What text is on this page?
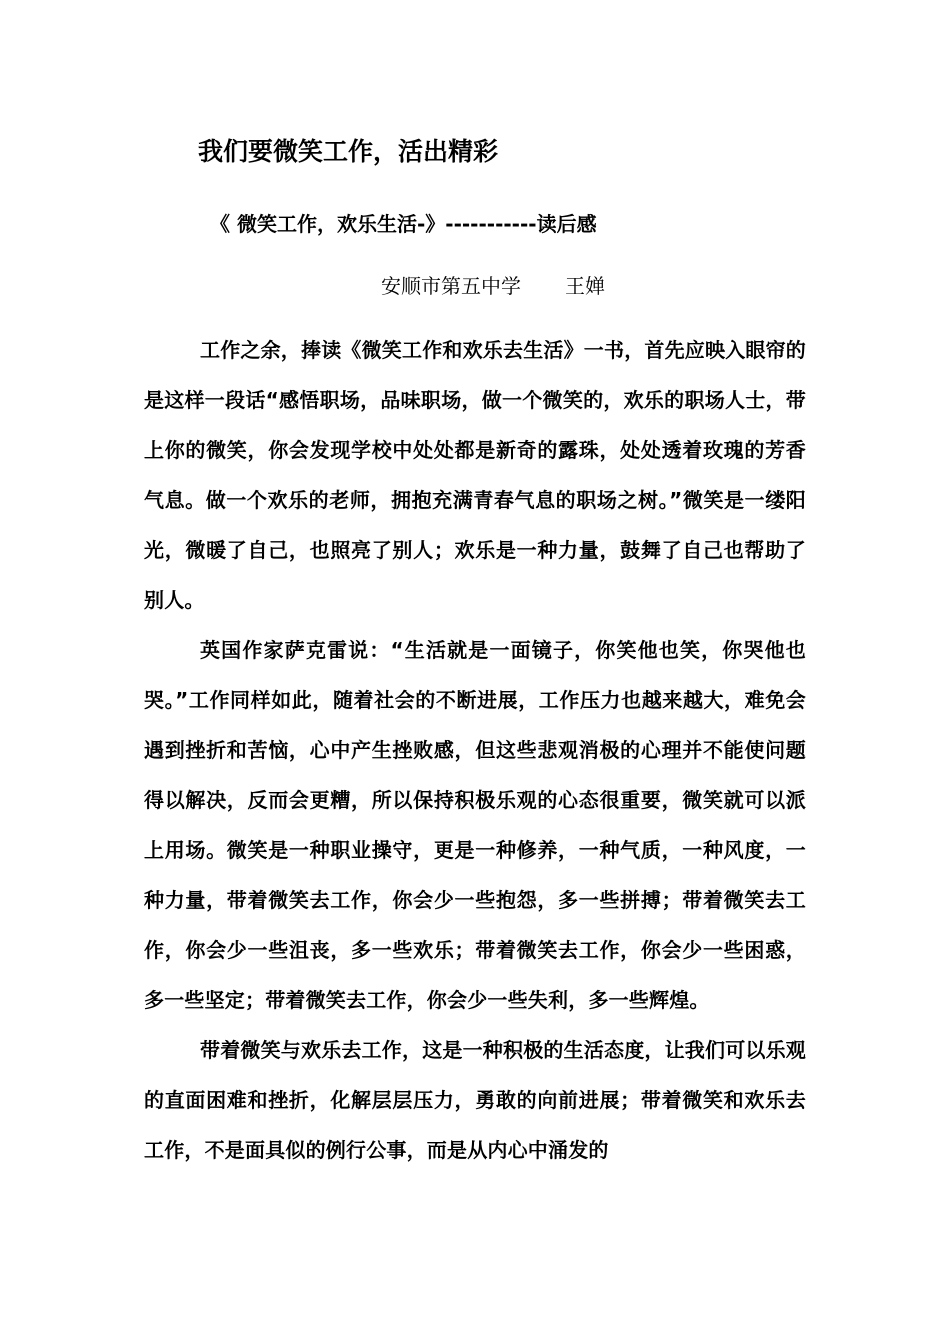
我们要微笑工作，活出精彩
《 微笑工作，欢乐生活-》-----------读后感
安顺市第五中学 王婵

工作之余，捧读《微笑工作和欢乐去生活》一书，首先应映入眼帘的是这样一段话“感悟职场，品味职场，做一个微笑的，欢乐的职场人士，带上你的微笑，你会发现学校中处处都是新奇的露珠，处处透着玫瑰的芳香气息。做一个欢乐的老师，拥抱充满青春气息的职场之树。”微笑是一缕阳光，微暖了自己，也照亮了别人；欢乐是一种力量，鼓舞了自己也帮助了别人。

英国作家萨克雷说：“生活就是一面镜子，你笑他也笑，你哭他也哭。”工作同样如此，随着社会的不断进展，工作压力也越来越大，难免会遇到挫折和苦恼，心中产生挫败感，但这些悲观消极的心理并不能使问题得以解决，反而会更糟，所以保持积极乐观的心态很重要，微笑就可以派上用场。微笑是一种职业操守，更是一种修养，一种气质，一种风度，一种力量，带着微笑去工作，你会少一些抱怨，多一些拼搏；带着微笑去工作，你会少一些沮丧，多一些欢乐；带着微笑去工作，你会少一些困惑，多一些坚定；带着微笑去工作，你会少一些失利，多一些辉煌。

带着微笑与欢乐去工作，这是一种积极的生活态度，让我们可以乐观的直面困难和挫折，化解层层压力，勇敢的向前进展；带着微笑和欢乐去工作，不是面具似的例行公事，而是从内心中涌发的
